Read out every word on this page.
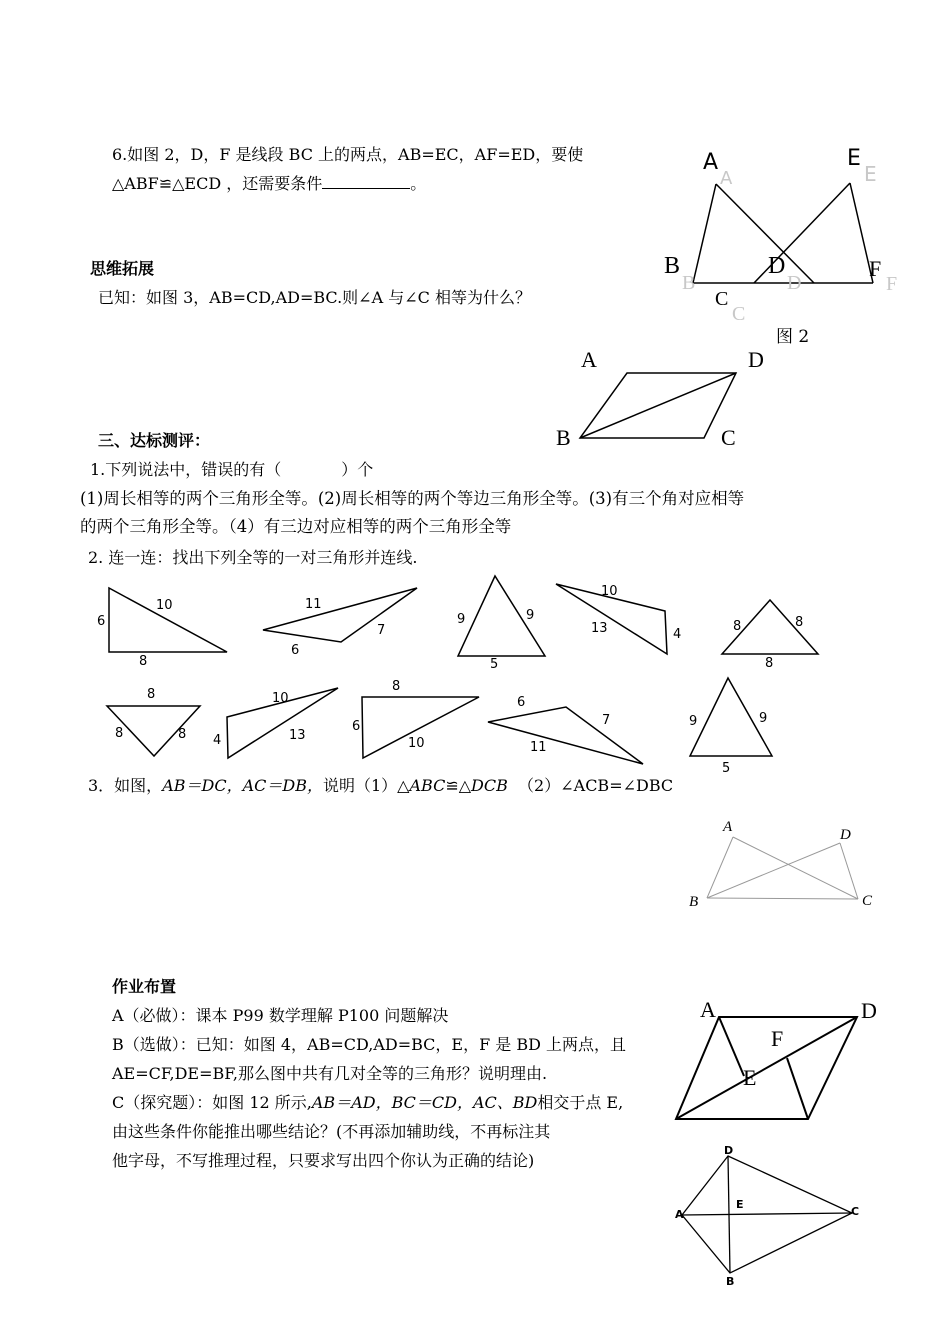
6.如图 2，D，F 是线段 BC 上的两点，AB=EC，AF=ED，要使
△ABF≌△ECD ，还需要条件	。
A
A
E
E
B
B
D
D
F
F
C
C
图 2
思维拓展
已知：如图 3，AB=CD,AD=BC.则∠A 与∠C 相等为什么？
A	D
B	C
三、达标测评：
1.下列说法中，错误的有（	）个
(1)周长相等的两个三角形全等。(2)周长相等的两个等边三角形全等。(3)有三个角对应相等
的两个三角形全等。（4）有三边对应相等的两个三角形全等
2. 连一连：找出下列全等的一对三角形并连线.
6
10
8
11
7
6
9	9
5
10
13	4
8	8
8
8
8	8
10
4	13
8
6
10
6
7
11
9	9
5
3．如图，AB＝DC，AC＝DB，说明（1）△ABC≌△DCB （2）∠ACB=∠DBC
A	D
B	C
作业布置
A（必做）：课本 P99 数学理解 P100 问题解决
B（选做）：已知：如图 4，AB=CD,AD=BC，E，F 是 BD 上两点，且
AE=CF,DE=BF,那么图中共有几对全等的三角形？说明理由.
C（探究题）：如图 12 所示,AB＝AD，BC＝CD，AC、BD相交于点 E,
由这些条件你能推出哪些结论？(不再添加辅助线，不再标注其
他字母，不写推理过程，只要求写出四个你认为正确的结论)
A	D
F
E
D
A
E
C
B
